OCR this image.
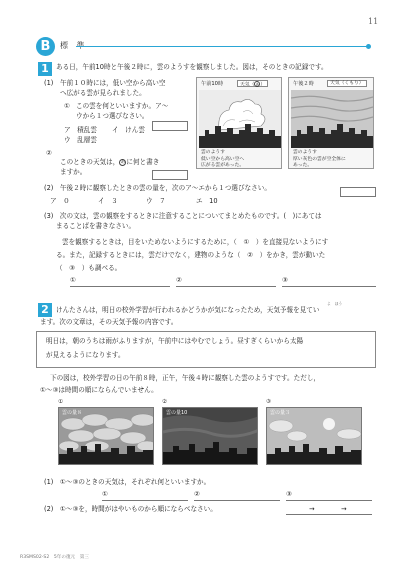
11
B	標 準
1	ある日，午前10時と午後２時に，雲のようすを観察しました。図は，そのときの記録です。
(1) 午前１０時には，低い空から高い空
へ広がる雲が見られました。
① この雲を何といいますか。ア〜
ウから１つ選びなさい。
ア　積乱雲 イ　けん雲
ウ　乱層雲
②
このときの天気は，あに何と書き
ますか。
午前10時	天気（あ）
雲のようす
低い空から高い空へ
広がる雲があった。
午後２時	天気（くもり）
雲のようす
厚い灰色の雲が空全体に
あった。
(2)　午後２時に観察したときの雲の量を，次のア〜エから１つ選びなさい。
ア　０	イ　３	ウ　７	エ　10
(3)　次の文は，雲の観察をするときに注意することについてまとめたものです。(　)にあては
まることばを書きなさい。
雲を観察するときは，目をいためないようにするために，（　①　）を直接見ないようにす
る。また，記録するときには，雲だけでなく，建物のような（　②　）をかき，雲が動いた
（　③　）も調べる。
①	②	③
2	よ　ほう
けんたさんは，明日の校外学習が行われるかどうかが気になったため，天気予報を見てい
ます。次の文章は，その天気予報の内容です。
明日は，朝のうちは雨がふりますが，午前中にはやむでしょう。昼すぎくらいから太陽
が見えるようになります。
下の図は，校外学習の日の午前８時，正午，午後４時に観察した雲のようすです。ただし，
①〜③は時間の順にならんでいません。
①
雲の量８
②
雲の量10
③
雲の量３
(1)　①〜③のときの天気は，それぞれ何といいますか。
①	②	③
(2)　①〜③を，時間がはやいものから順にならべなさい。	→	→
R3SMS02-S2　5年の復元　第三
